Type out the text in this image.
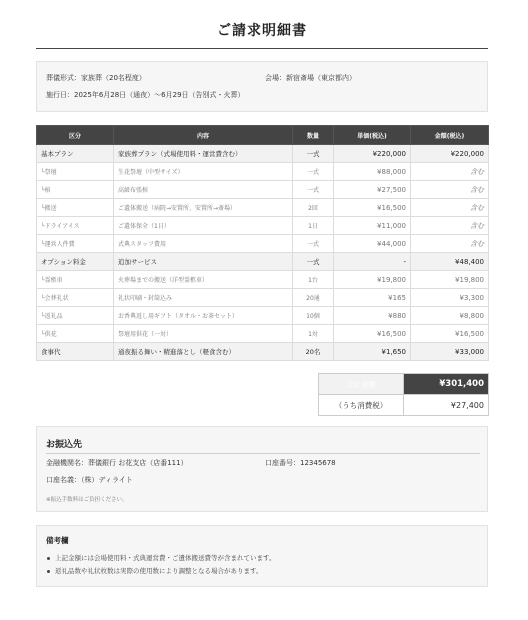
ご請求明細書
葬儀形式：家族葬（20名程度）	会場：新宿斎場（東京都内）
施行日：2025年6月28日（通夜）〜6月29日（告別式・火葬）
区分	内容	数量	単価(税込)	金額(税込)
基本プラン	家族葬プラン（式場使用料・運営費含む）	一式	¥220,000	¥220,000
└祭壇	生花祭壇（中型サイズ）	一式	¥88,000	含む
└棺	高級布張棺	一式	¥27,500	含む
└搬送	ご遺体搬送（病院→安置所、安置所→斎場）	2回	¥16,500	含む
└ドライアイス	ご遺体保全（1日）	1日	¥11,000	含む
└運営人件費	式典スタッフ費用	一式	¥44,000	含む
オプション料金	追加サービス	一式	-	¥48,400
└霊柩車	火葬場までの搬送（洋型霊柩車）	1台	¥19,800	¥19,800
└会葬礼状	礼状印刷・封筒込み	20通	¥165	¥3,300
└返礼品	お香典返し用ギフト（タオル・お茶セット）	10個	¥880	¥8,800
└供花	祭壇用供花（一対）	1対	¥16,500	¥16,500
食事代	通夜振る舞い・精進落とし（軽食含む）	20名	¥1,650	¥33,000
合計金額	¥301,400
（うち消費税）	¥27,400
お振込先
金融機関名：葬儀銀行 お花支店（店番111）	口座番号：12345678
口座名義：（株）ディライト
※振込手数料はご負担ください。
備考欄
上記金額には会場使用料・式典運営費・ご遺体搬送費等が含まれています。
返礼品数や礼状枚数は実際の使用数により調整となる場合があります。
